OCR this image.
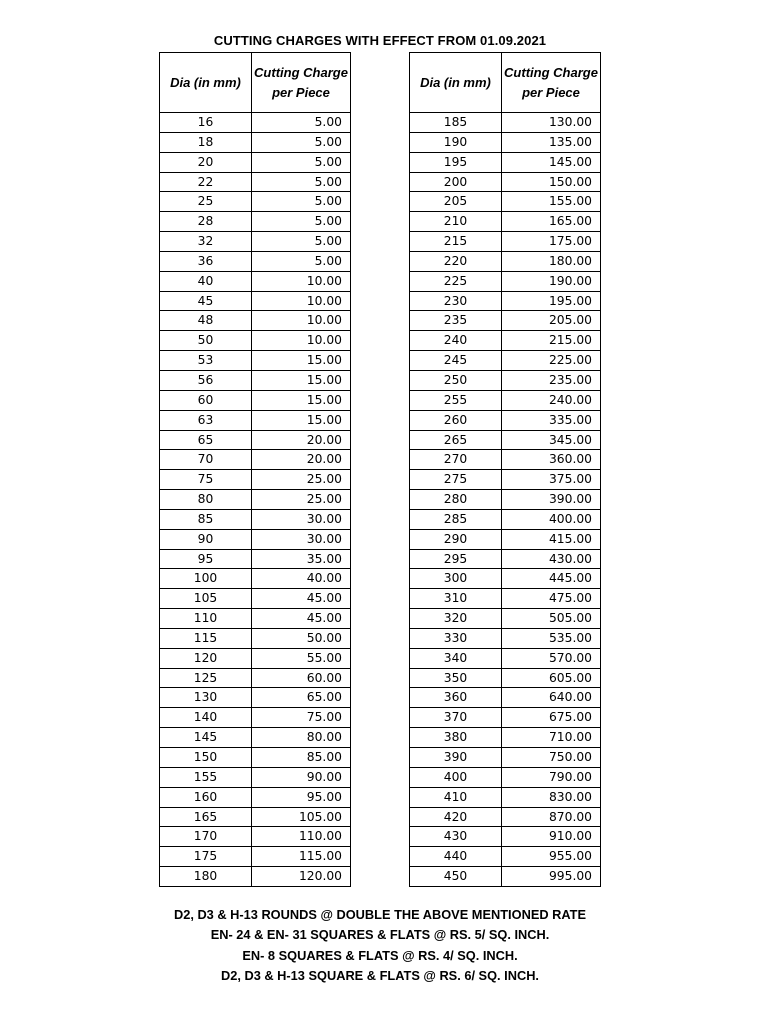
CUTTING CHARGES WITH EFFECT FROM 01.09.2021
Dia (in mm)	Cutting Charge per Piece
16	5.00
18	5.00
20	5.00
22	5.00
25	5.00
28	5.00
32	5.00
36	5.00
40	10.00
45	10.00
48	10.00
50	10.00
53	15.00
56	15.00
60	15.00
63	15.00
65	20.00
70	20.00
75	25.00
80	25.00
85	30.00
90	30.00
95	35.00
100	40.00
105	45.00
110	45.00
115	50.00
120	55.00
125	60.00
130	65.00
140	75.00
145	80.00
150	85.00
155	90.00
160	95.00
165	105.00
170	110.00
175	115.00
180	120.00
Dia (in mm)	Cutting Charge per Piece
185	130.00
190	135.00
195	145.00
200	150.00
205	155.00
210	165.00
215	175.00
220	180.00
225	190.00
230	195.00
235	205.00
240	215.00
245	225.00
250	235.00
255	240.00
260	335.00
265	345.00
270	360.00
275	375.00
280	390.00
285	400.00
290	415.00
295	430.00
300	445.00
310	475.00
320	505.00
330	535.00
340	570.00
350	605.00
360	640.00
370	675.00
380	710.00
390	750.00
400	790.00
410	830.00
420	870.00
430	910.00
440	955.00
450	995.00
D2, D3 & H-13 ROUNDS @ DOUBLE THE ABOVE MENTIONED RATE
EN- 24 & EN- 31 SQUARES & FLATS @ RS. 5/ SQ. INCH.
EN- 8 SQUARES & FLATS @ RS. 4/ SQ. INCH.
D2, D3 & H-13 SQUARE & FLATS @ RS. 6/ SQ. INCH.
